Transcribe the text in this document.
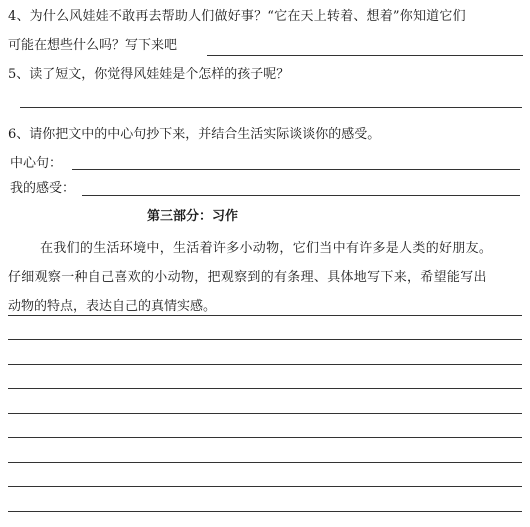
4、为什么风娃娃不敢再去帮助人们做好事？“它在天上转着、想着”你知道它们
可能在想些什么吗？写下来吧
5、读了短文，你觉得风娃娃是个怎样的孩子呢？
6、请你把文中的中心句抄下来，并结合生活实际谈谈你的感受。
中心句：
我的感受：
第三部分：习作
在我们的生活环境中，生活着许多小动物，它们当中有许多是人类的好朋友。
仔细观察一种自己喜欢的小动物，把观察到的有条理、具体地写下来，希望能写出
动物的特点，表达自己的真情实感。
